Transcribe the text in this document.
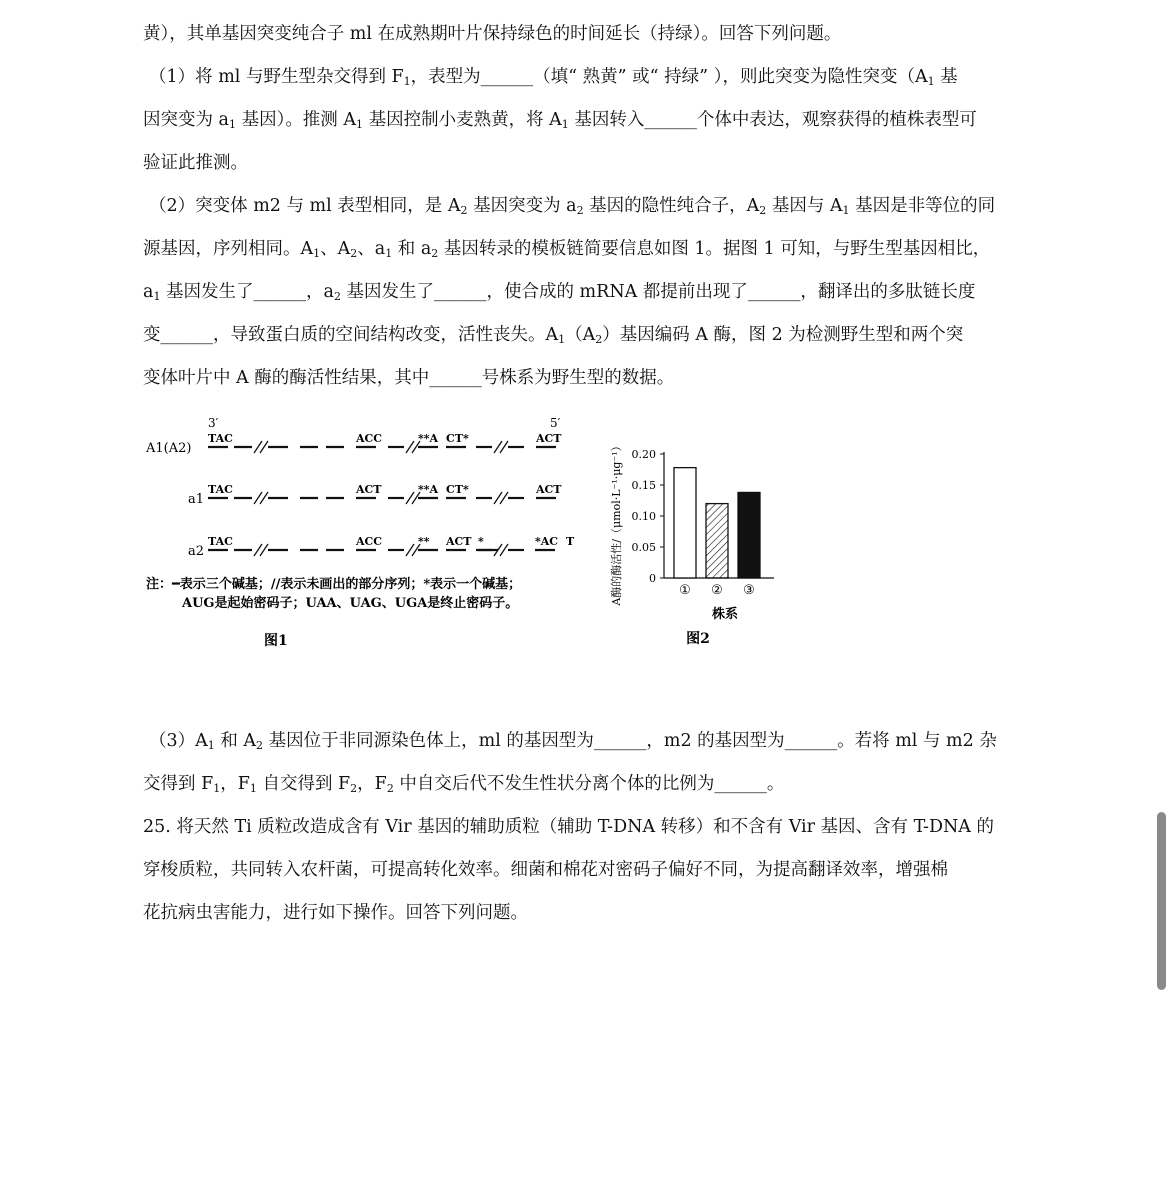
黄），其单基因突变纯合子 ml 在成熟期叶片保持绿色的时间延长（持绿）。回答下列问题。

（1）将 ml 与野生型杂交得到 $F_1$，表型为______（填“ 熟黄” 或“ 持绿” ），则此突变为隐性突变（$A_1$ 基

因突变为 $a_1$ 基因）。推测 $A_1$ 基因控制小麦熟黄，将 $A_1$ 基因转入______个体中表达，观察获得的植株表型可

验证此推测。

（2）突变体 m2 与 ml 表型相同，是 $A_2$ 基因突变为 $a_2$ 基因的隐性纯合子，$A_2$ 基因与 $A_1$ 基因是非等位的同

源基因，序列相同。$A_1$、$A_2$、$a_1$ 和 $a_2$ 基因转录的模板链简要信息如图 1。据图 1 可知，与野生型基因相比，

$a_1$ 基因发生了______，$a_2$ 基因发生了______，使合成的 mRNA 都提前出现了______，翻译出的多肽链长度

变______，导致蛋白质的空间结构改变，活性丧失。$A_1(A_2)$基因编码 A 酶，图 2 为检测野生型和两个突

变体叶片中 A 酶的酶活性结果，其中______号株系为野生型的数据。

3′	5′
A1(A2)
TAC	ACC	**A CT*	ACT
a1
TAC	ACT	**A CT*	ACT
a2
TAC	ACC	** ACT *	*AC T
注：━表示三个碱基；//表示未画出的部分序列；*表示一个碱基；
AUG是起始密码子；UAA、UAG、UGA是终止密码子。
图1
A酶的酶活性/（μmol·L⁻¹·μg⁻¹） 0
0.05
0.10
0.15
0.20
① ② ③
株系
图2

$(3)A_1$ 和 $A_2$ 基因位于非同源染色体上，ml 的基因型为______，m2 的基因型为______。若将 ml 与 m2 杂

交得到 $F_1$，$F_1$ 自交得到 $F_2$，$F_2$ 中自交后代不发生性状分离个体的比例为______。

25. 将天然 Ti 质粒改造成含有 Vir 基因的辅助质粒（辅助 T-DNA 转移）和不含有 Vir 基因、含有 T-DNA 的

穿梭质粒，共同转入农杆菌，可提高转化效率。细菌和棉花对密码子偏好不同，为提高翻译效率，增强棉

花抗病虫害能力，进行如下操作。回答下列问题。
